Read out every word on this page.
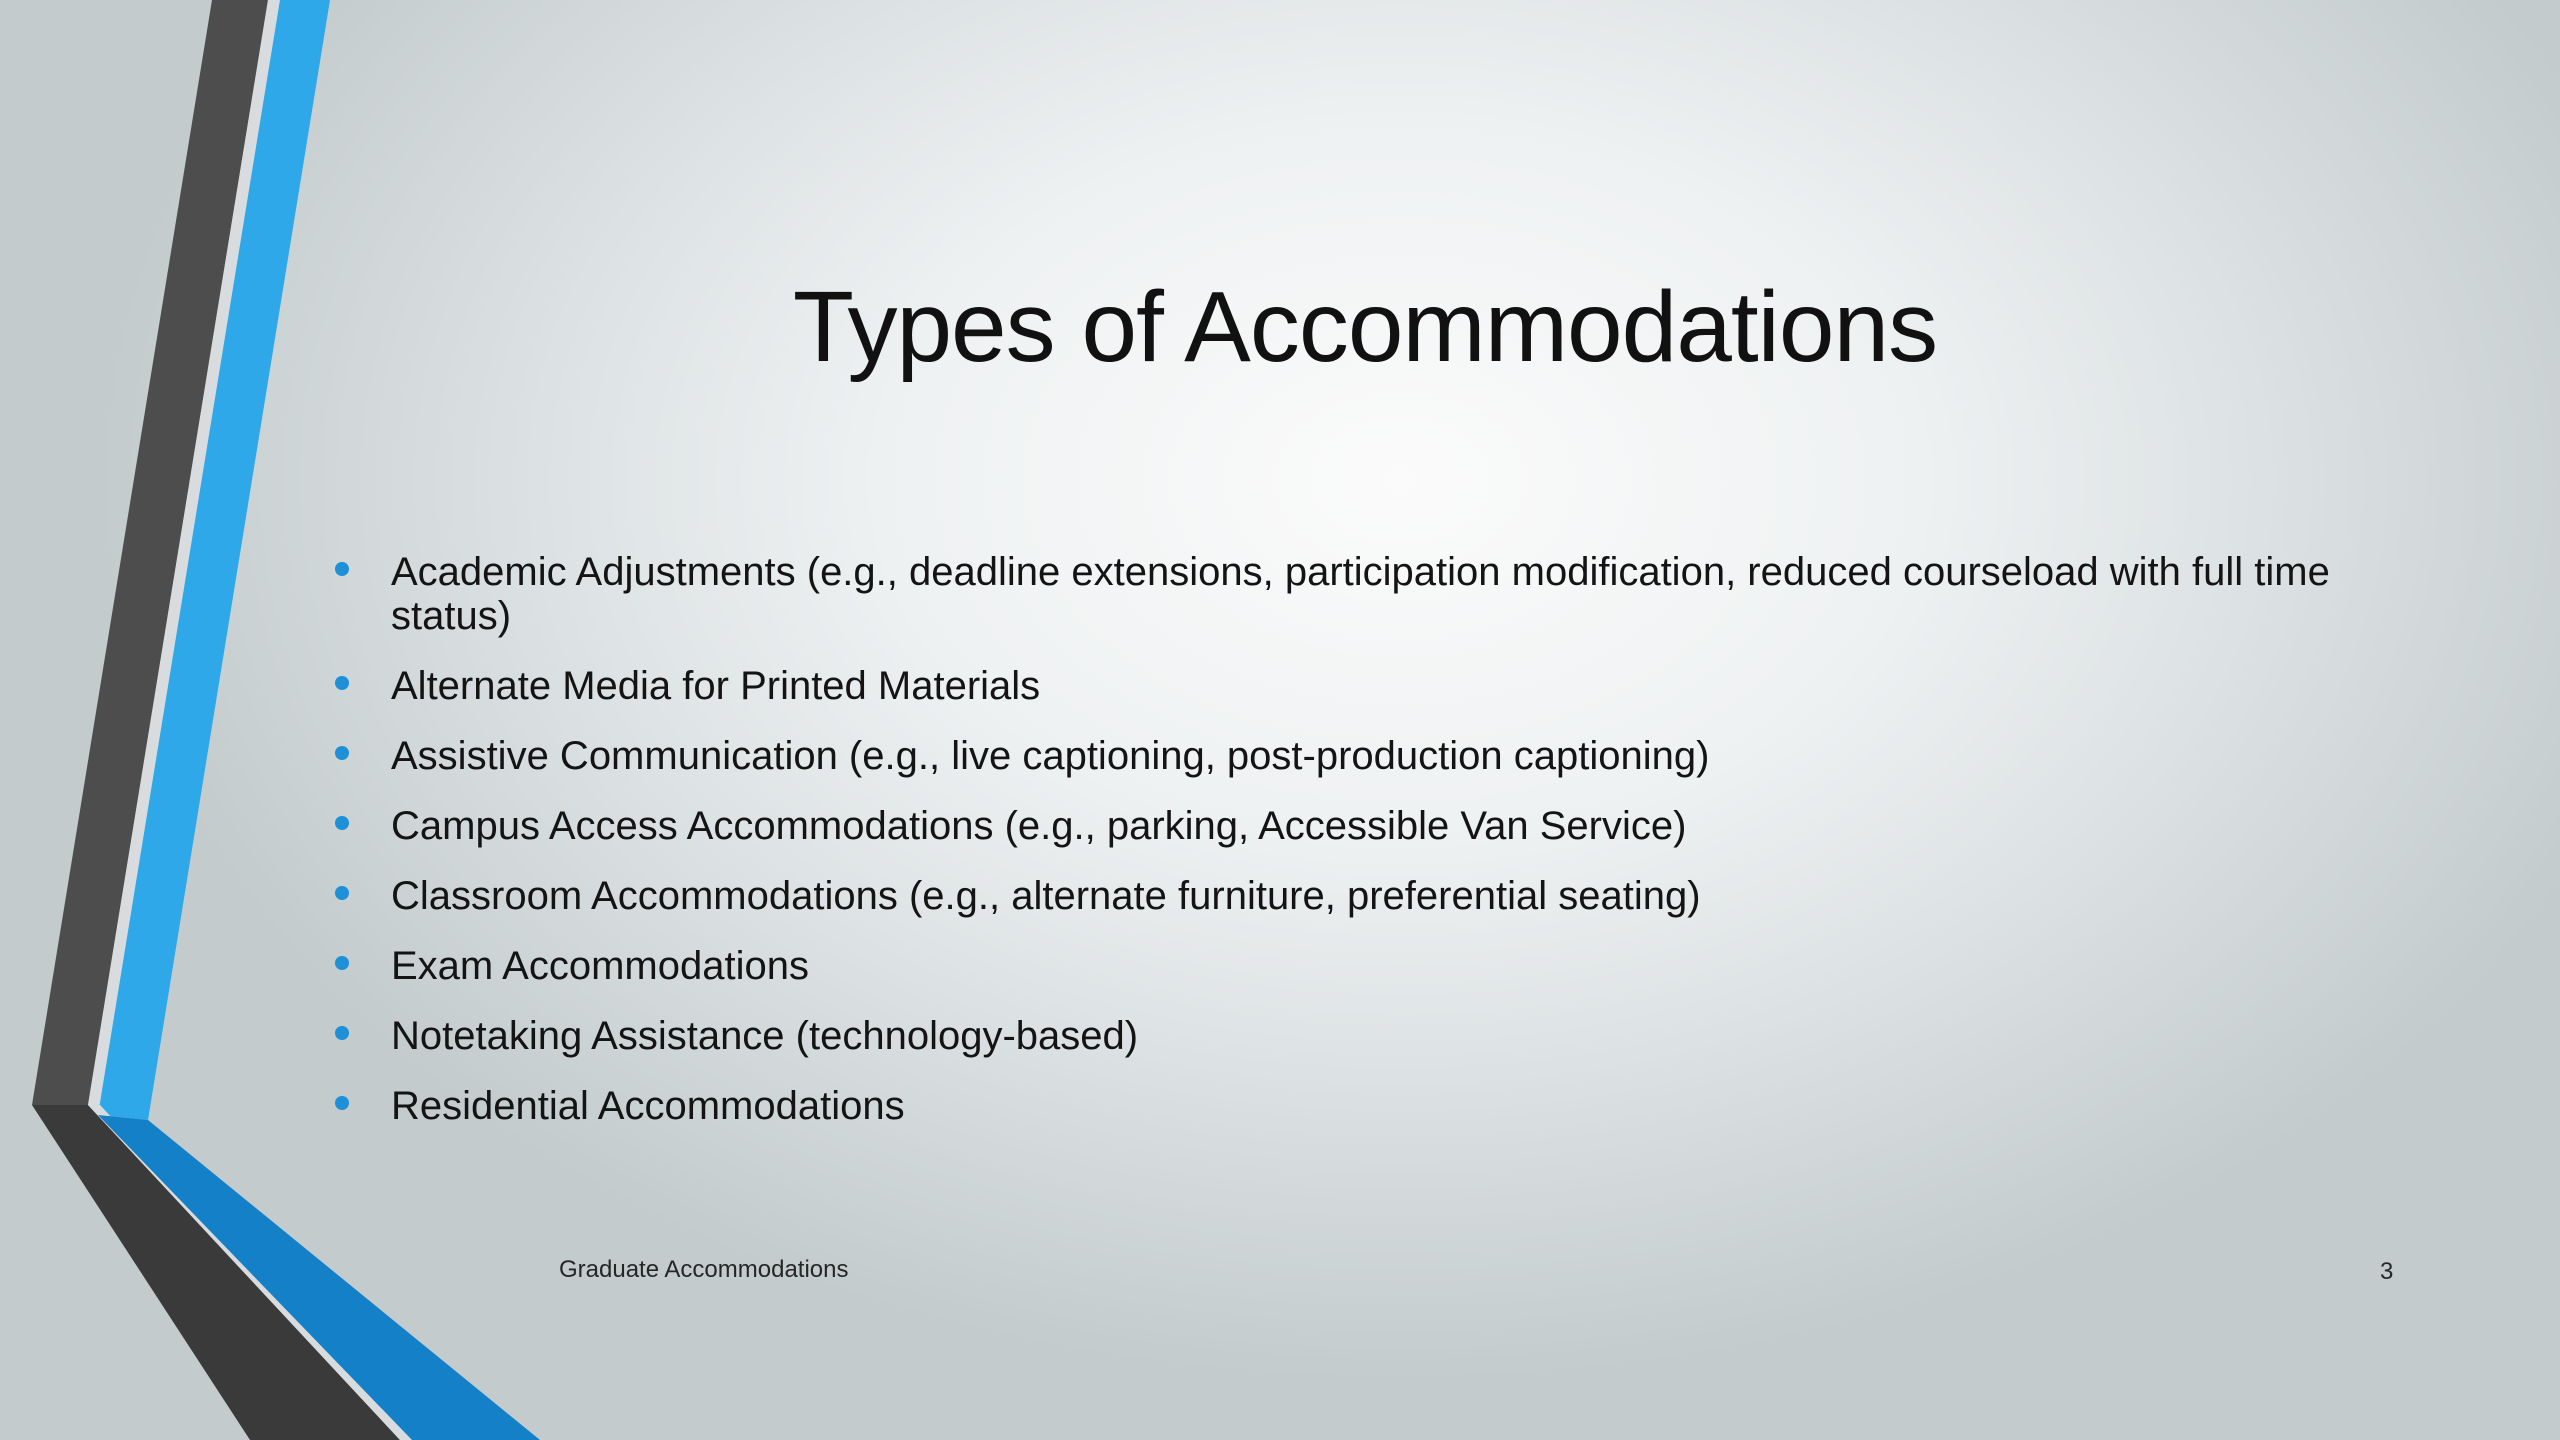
Types of Accommodations
Academic Adjustments (e.g., deadline extensions, participation modification, reduced courseload with full time status)
Alternate Media for Printed Materials
Assistive Communication (e.g., live captioning, post-production captioning)
Campus Access Accommodations (e.g., parking, Accessible Van Service)
Classroom Accommodations (e.g., alternate furniture, preferential seating)
Exam Accommodations
Notetaking Assistance (technology-based)
Residential Accommodations
Graduate Accommodations	3
